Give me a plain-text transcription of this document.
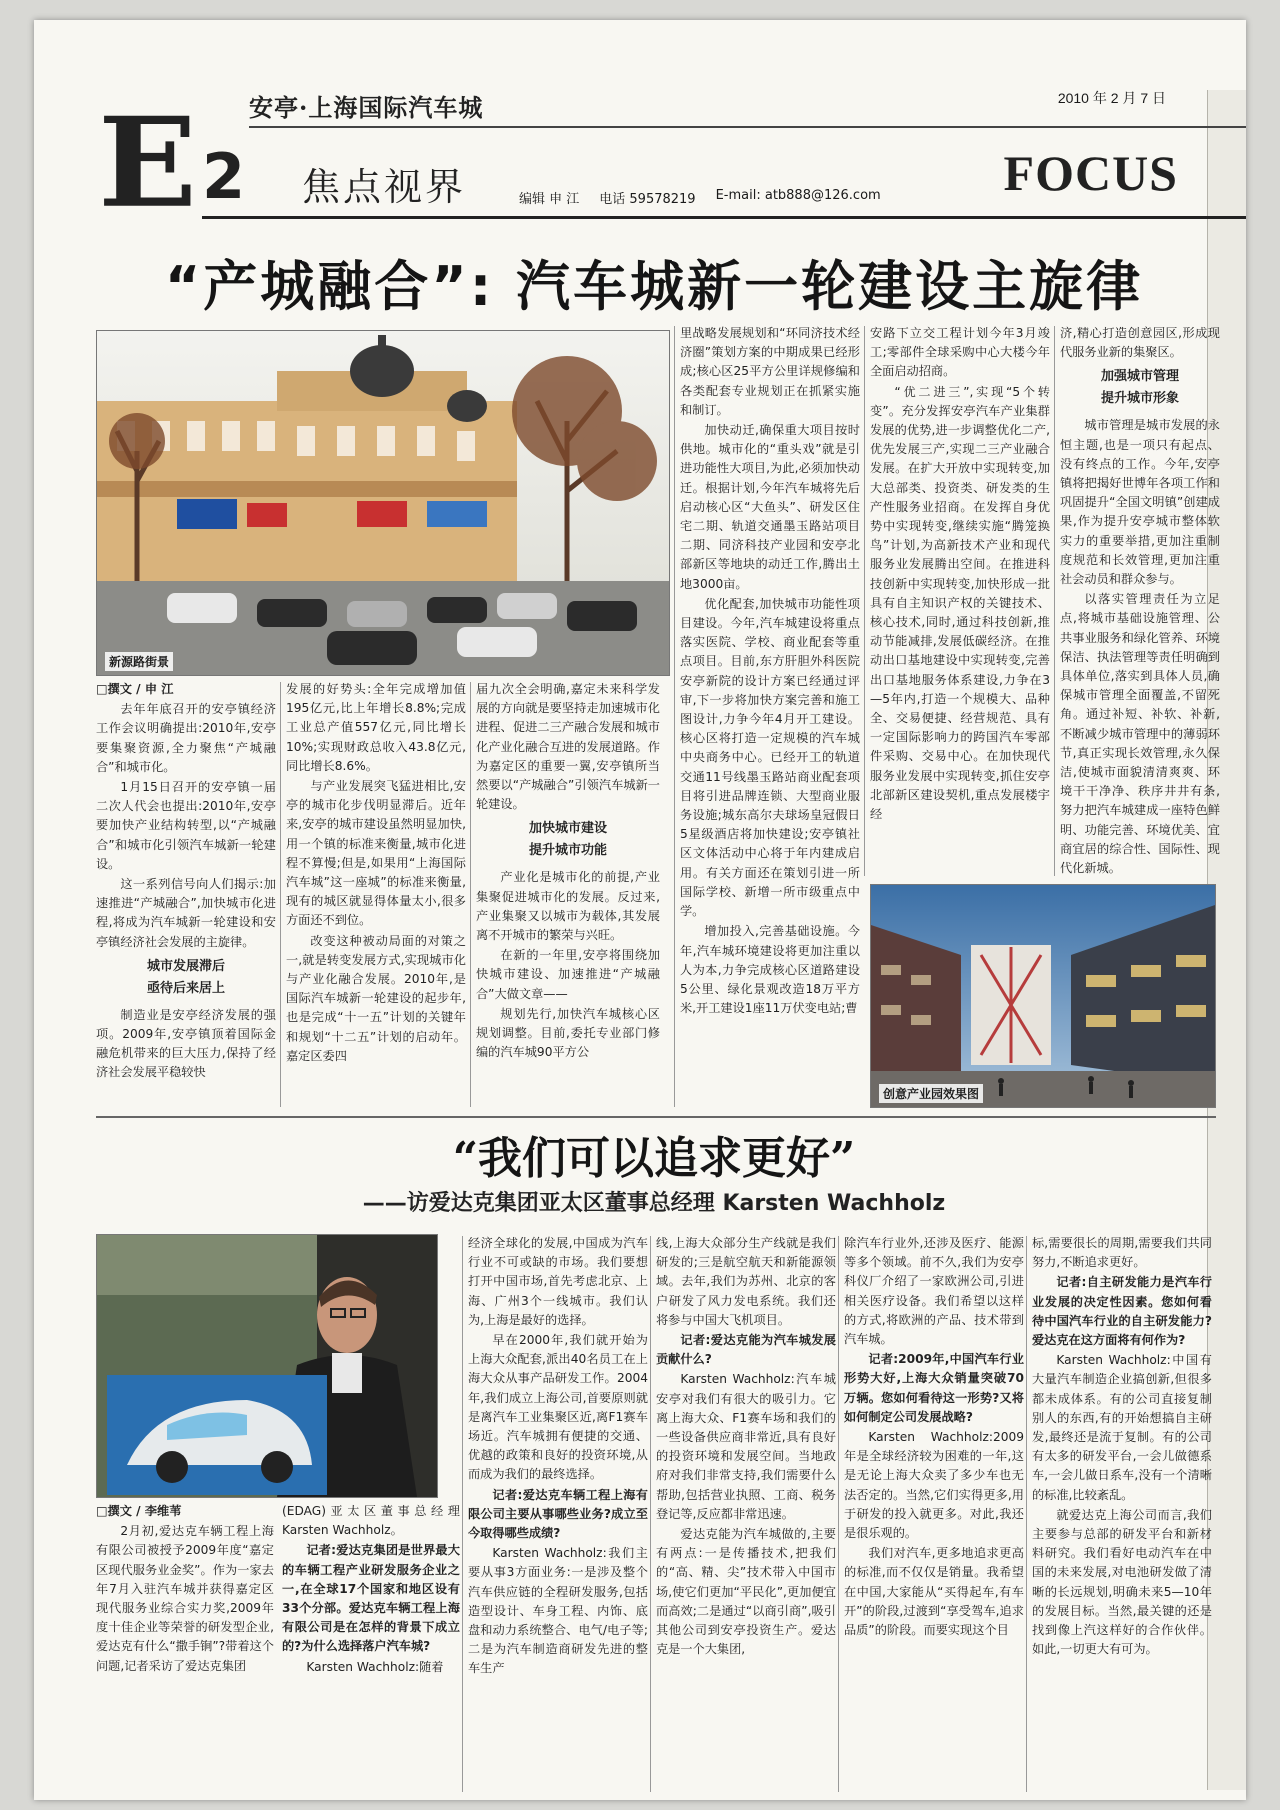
E 2
安亭·上海国际汽车城	2010 年 2 月 7 日
焦点视界	编辑 申 江 电话 59578219 E-mail: atb888@126.com FOCUS
“产城融合”: 汽车城新一轮建设主旋律
新源路街景

□撰文 / 申 江

去年年底召开的安亭镇经济工作会议明确提出:2010年,安亭要集聚资源,全力聚焦“产城融合”和城市化。

1月15日召开的安亭镇一届二次人代会也提出:2010年,安亭要加快产业结构转型,以“产城融合”和城市化引领汽车城新一轮建设。

这一系列信号向人们揭示:加速推进“产城融合”,加快城市化进程,将成为汽车城新一轮建设和安亭镇经济社会发展的主旋律。

城市发展滞后
亟待后来居上

制造业是安亭经济发展的强项。2009年,安亭镇顶着国际金融危机带来的巨大压力,保持了经济社会发展平稳较快

发展的好势头:全年完成增加值195亿元,比上年增长8.8%;完成工业总产值557亿元,同比增长10%;实现财政总收入43.8亿元,同比增长8.6%。

与产业发展突飞猛进相比,安亭的城市化步伐明显滞后。近年来,安亭的城市建设虽然明显加快,用一个镇的标准来衡量,城市化进程不算慢;但是,如果用“上海国际汽车城”这一座城”的标准来衡量,现有的城区就显得体量太小,很多方面还不到位。

改变这种被动局面的对策之一,就是转变发展方式,实现城市化与产业化融合发展。2010年,是国际汽车城新一轮建设的起步年,也是完成“十一五”计划的关键年和规划“十二五”计划的启动年。嘉定区委四

届九次全会明确,嘉定未来科学发展的方向就是要坚持走加速城市化进程、促进二三产融合发展和城市化产业化融合互进的发展道路。作为嘉定区的重要一翼,安亭镇所当然要以“产城融合”引领汽车城新一轮建设。

加快城市建设
提升城市功能

产业化是城市化的前提,产业集聚促进城市化的发展。反过来,产业集聚又以城市为载体,其发展离不开城市的繁荣与兴旺。

在新的一年里,安亭将围绕加快城市建设、加速推进“产城融合”大做文章——

规划先行,加快汽车城核心区规划调整。目前,委托专业部门修编的汽车城90平方公

里战略发展规划和“环同济技术经济圈”策划方案的中期成果已经形成;核心区25平方公里详规修编和各类配套专业规划正在抓紧实施和制订。

加快动迁,确保重大项目按时供地。城市化的“重头戏”就是引进功能性大项目,为此,必须加快动迁。根据计划,今年汽车城将先后启动核心区“大鱼头”、研发区住宅二期、轨道交通墨玉路站项目二期、同济科技产业园和安亭北部新区等地块的动迁工作,腾出土地3000亩。

优化配套,加快城市功能性项目建设。今年,汽车城建设将重点落实医院、学校、商业配套等重点项目。目前,东方肝胆外科医院安亭新院的设计方案已经通过评审,下一步将加快方案完善和施工图设计,力争今年4月开工建设。核心区将打造一定规模的汽车城中央商务中心。已经开工的轨道交通11号线墨玉路站商业配套项目将引进品牌连锁、大型商业服务设施;城东高尔夫球场皇冠假日5星级酒店将加快建设;安亭镇社区文体活动中心将于年内建成启用。有关方面还在策划引进一所国际学校、新增一所市级重点中学。

增加投入,完善基础设施。今年,汽车城环境建设将更加注重以人为本,力争完成核心区道路建设5公里、绿化景观改造18万平方米,开工建设1座11万伏变电站;曹

安路下立交工程计划今年3月竣工;零部件全球采购中心大楼今年全面启动招商。

“优二进三”,实现“5个转变”。充分发挥安亭汽车产业集群发展的优势,进一步调整优化二产,优先发展三产,实现二三产业融合发展。在扩大开放中实现转变,加大总部类、投资类、研发类的生产性服务业招商。在发挥自身优势中实现转变,继续实施“腾笼换鸟”计划,为高新技术产业和现代服务业发展腾出空间。在推进科技创新中实现转变,加快形成一批具有自主知识产权的关键技术、核心技术,同时,通过科技创新,推动节能减排,发展低碳经济。在推动出口基地建设中实现转变,完善出口基地服务体系建设,力争在3—5年内,打造一个规模大、品种全、交易便捷、经营规范、具有一定国际影响力的跨国汽车零部件采购、交易中心。在加快现代服务业发展中实现转变,抓住安亭北部新区建设契机,重点发展楼宇经

济,精心打造创意园区,形成现代服务业新的集聚区。

加强城市管理
提升城市形象

城市管理是城市发展的永恒主题,也是一项只有起点、没有终点的工作。今年,安亭镇将把揭好世博年各项工作和巩固提升“全国文明镇”创建成果,作为提升安亭城市整体软实力的重要举措,更加注重制度规范和长效管理,更加注重社会动员和群众参与。

以落实管理责任为立足点,将城市基础设施管理、公共事业服务和绿化管养、环境保洁、执法管理等责任明确到具体单位,落实到具体人员,确保城市管理全面覆盖,不留死角。通过补短、补软、补新,不断减少城市管理中的薄弱环节,真正实现长效管理,永久保洁,使城市面貌清清爽爽、环境干干净净、秩序井井有条,努力把汽车城建成一座特色鲜明、功能完善、环境优美、宜商宜居的综合性、国际性、现代化新城。

创意产业园效果图
“我们可以追求更好”
——访爱达克集团亚太区董事总经理 Karsten Wachholz

□撰文 / 李维苇

2月初,爱达克车辆工程上海有限公司被授予2009年度“嘉定区现代服务业金奖”。作为一家去年7月入驻汽车城并获得嘉定区现代服务业综合实力奖,2009年度十佳企业等荣誉的研发型企业,爱达克有什么“撒手锏”?带着这个问题,记者采访了爱达克集团

(EDAG)亚太区董事总经理Karsten Wachholz。

记者:爱达克集团是世界最大的车辆工程产业研发服务企业之一,在全球17个国家和地区设有33个分部。爱达克车辆工程上海有限公司是在怎样的背景下成立的?为什么选择落户汽车城?

Karsten Wachholz:随着

经济全球化的发展,中国成为汽车行业不可或缺的市场。我们要想打开中国市场,首先考虑北京、上海、广州3个一线城市。我们认为,上海是最好的选择。

早在2000年,我们就开始为上海大众配套,派出40名员工在上海大众从事产品研发工作。2004年,我们成立上海公司,首要原则就是离汽车工业集聚区近,离F1赛车场近。汽车城拥有便捷的交通、优越的政策和良好的投资环境,从而成为我们的最终选择。

记者:爱达克车辆工程上海有限公司主要从事哪些业务?成立至今取得哪些成绩?

Karsten Wachholz:我们主要从事3方面业务:一是涉及整个汽车供应链的全程研发服务,包括造型设计、车身工程、内饰、底盘和动力系统整合、电气/电子等;二是为汽车制造商研发先进的整车生产

线,上海大众部分生产线就是我们研发的;三是航空航天和新能源领域。去年,我们为苏州、北京的客户研发了风力发电系统。我们还将参与中国大飞机项目。

记者:爱达克能为汽车城发展贡献什么?

Karsten Wachholz:汽车城安亭对我们有很大的吸引力。它离上海大众、F1赛车场和我们的一些设备供应商非常近,具有良好的投资环境和发展空间。当地政府对我们非常支持,我们需要什么帮助,包括营业执照、工商、税务登记等,反应都非常迅速。

爱达克能为汽车城做的,主要有两点:一是传播技术,把我们的“高、精、尖”技术带入中国市场,使它们更加“平民化”,更加便宜而高效;二是通过“以商引商”,吸引其他公司到安亭投资生产。爱达克是一个大集团,

除汽车行业外,还涉及医疗、能源等多个领域。前不久,我们为安亭科仪厂介绍了一家欧洲公司,引进相关医疗设备。我们希望以这样的方式,将欧洲的产品、技术带到汽车城。

记者:2009年,中国汽车行业形势大好,上海大众销量突破70万辆。您如何看待这一形势?又将如何制定公司发展战略?

Karsten Wachholz:2009年是全球经济较为困难的一年,这是无论上海大众卖了多少车也无法否定的。当然,它们实得更多,用于研发的投入就更多。对此,我还是很乐观的。

我们对汽车,更多地追求更高的标准,而不仅仅是销量。我希望在中国,大家能从“买得起车,有车开”的阶段,过渡到“享受驾车,追求品质”的阶段。而要实现这个目

标,需要很长的周期,需要我们共同努力,不断追求更好。

记者:自主研发能力是汽车行业发展的决定性因素。您如何看待中国汽车行业的自主研发能力?爱达克在这方面将有何作为?

Karsten Wachholz:中国有大量汽车制造企业搞创新,但很多都未成体系。有的公司直接复制别人的东西,有的开始想搞自主研发,最终还是流于复制。有的公司有太多的研发平台,一会儿做德系车,一会儿做日系车,没有一个清晰的标准,比较紊乱。

就爱达克上海公司而言,我们主要参与总部的研发平台和新材料研究。我们看好电动汽车在中国的未来发展,对电池研发做了清晰的长远规划,明确未来5—10年的发展目标。当然,最关键的还是找到像上汽这样好的合作伙伴。如此,一切更大有可为。
